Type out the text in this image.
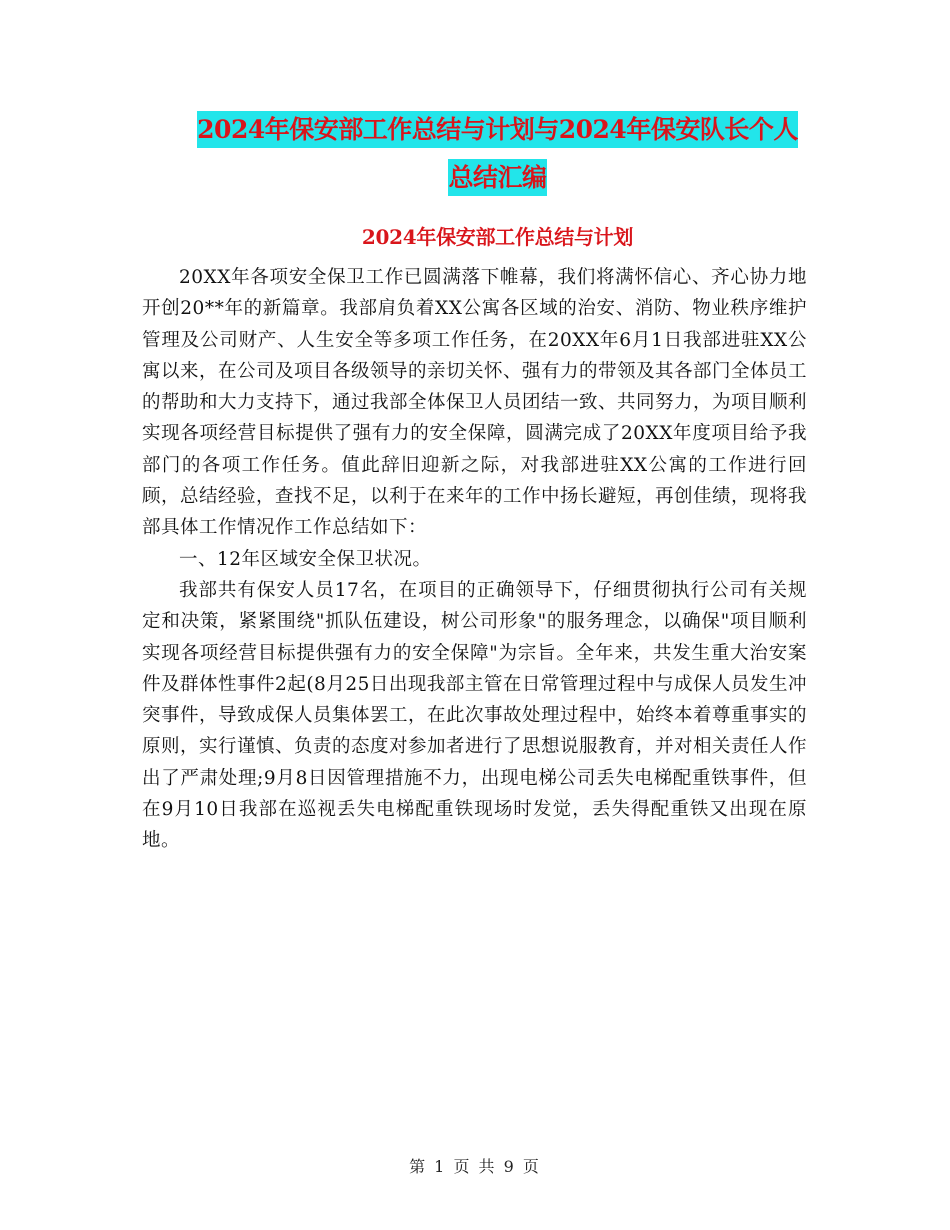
2024年保安部工作总结与计划与2024年保安队长个人
总结汇编
2024年保安部工作总结与计划

20XX年各项安全保卫工作已圆满落下帷幕，我们将满怀信心、齐心协力地开创20**年的新篇章。我部肩负着XX公寓各区域的治安、消防、物业秩序维护管理及公司财产、人生安全等多项工作任务，在20XX年6月1日我部进驻XX公寓以来，在公司及项目各级领导的亲切关怀、强有力的带领及其各部门全体员工的帮助和大力支持下，通过我部全体保卫人员团结一致、共同努力，为项目顺利实现各项经营目标提供了强有力的安全保障，圆满完成了20XX年度项目给予我部门的各项工作任务。值此辞旧迎新之际，对我部进驻XX公寓的工作进行回顾，总结经验，查找不足，以利于在来年的工作中扬长避短，再创佳绩，现将我部具体工作情况作工作总结如下：

一、12年区域安全保卫状况。

我部共有保安人员17名，在项目的正确领导下，仔细贯彻执行公司有关规定和决策，紧紧围绕"抓队伍建设，树公司形象"的服务理念，以确保"项目顺利实现各项经营目标提供强有力的安全保障"为宗旨。全年来，共发生重大治安案件及群体性事件2起(8月25日出现我部主管在日常管理过程中与成保人员发生冲突事件，导致成保人员集体罢工，在此次事故处理过程中，始终本着尊重事实的原则，实行谨慎、负责的态度对参加者进行了思想说服教育，并对相关责任人作出了严肃处理;9月8日因管理措施不力，出现电梯公司丢失电梯配重铁事件，但在9月10日我部在巡视丢失电梯配重铁现场时发觉，丢失得配重铁又出现在原地。

第 1 页 共 9 页
